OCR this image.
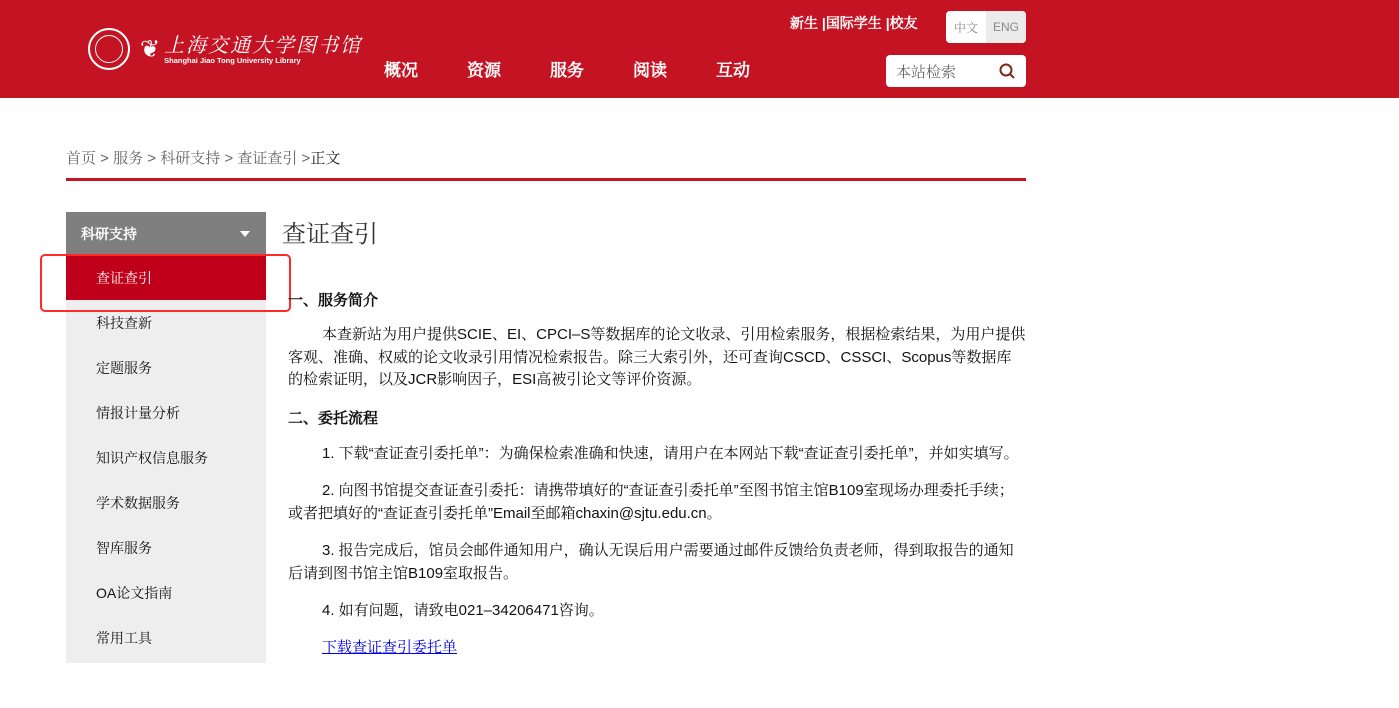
❦ 上海交通大学图书馆
Shanghai Jiao Tong University Library
概况	资源	服务	阅读	互动
新生 |国际学生 |校友	中文	ENG
本站检索
首页 > 服务 > 科研支持 > 查证查引 >正文
科研支持
查证查引
科技查新
定题服务
情报计量分析
知识产权信息服务
学术数据服务
智库服务
OA论文指南
常用工具
查证查引
一、服务简介

本查新站为用户提供SCIE、EI、CPCI–S等数据库的论文收录、引用检索服务，根据检索结果，为用户提供客观、准确、权威的论文收录引用情况检索报告。除三大索引外，还可查询CSCD、CSSCI、Scopus等数据库的检索证明，以及JCR影响因子，ESI高被引论文等评价资源。

二、委托流程

1. 下载“查证查引委托单”：为确保检索准确和快速，请用户在本网站下载“查证查引委托单”，并如实填写。

2. 向图书馆提交查证查引委托：请携带填好的“查证查引委托单”至图书馆主馆B109室现场办理委托手续；或者把填好的“查证查引委托单”Email至邮箱chaxin@sjtu.edu.cn。

3. 报告完成后，馆员会邮件通知用户，确认无误后用户需要通过邮件反馈给负责老师，得到取报告的通知后请到图书馆主馆B109室取报告。

4. 如有问题，请致电021–34206471咨询。

下载查证查引委托单
